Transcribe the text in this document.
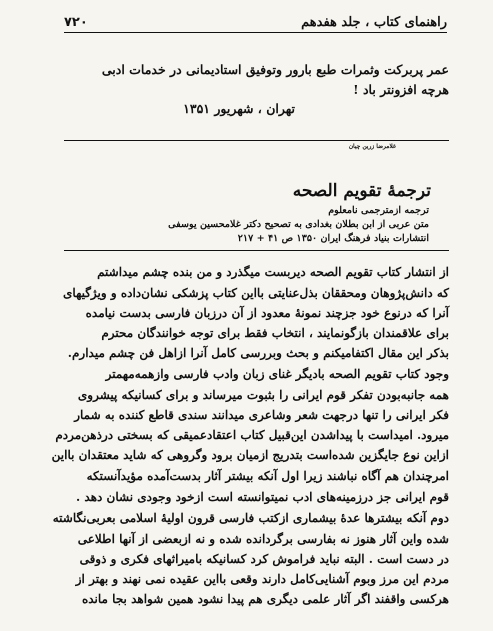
۷۲۰	راهنمای کتاب ، جلد هفدهم
عمر پربرکت وثمرات طبع بارور وتوفیق استادیمانی در خدمات ادبی
هرچه افزونتر باد !
تهران ، شهریور ۱۳۵۱
غلامرضا زرین چیان
ترجمهٔ تقویم الصحه
ترجمه ازمترجمی نامعلوم
متن عربی از ابن بطلان بغدادی به تصحیح دکتر غلامحسین یوسفی
انتشارات بنیاد فرهنگ ایران ۱۳۵۰ ص ۴۱ + ۲۱۷
از انتشار کتاب تقویم الصحه دیربست میگذرد و من بنده چشم میداشتم
که دانش‌پژوهان ومحققان بذل‌عنایتی بااین کتاب پزشکی نشان‌داده و ویژگیهای
آنرا که درنوع خود جزچند نمونهٔ معدود از آن درزبان فارسی بدست نیامده
برای علاقمندان بازگونمایند ، انتخاب فقط برای توجه خوانندگان محترم
بذکر این مقال اکتفامیکنم و بحث وبررسی کامل آنرا ازاهل فن چشم میدارم.
وجود کتاب تقویم الصحه بادیگر غنای زبان وادب فارسی وازهمه‌مهمتر
همه جانبه‌بودن تفکر قوم ایرانی را بثبوت میرساند و برای کسانیکه پیشروی
فکر ایرانی را تنها درجهت شعر وشاعری میدانند سندی قاطع کننده به شمار
میرود. امیداست با پیداشدن این‌قبیل کتاب اعتقادعمیقی که بسختی درذهن‌مردم
ازاین نوع جایگزین شده‌است بتدریج ازمیان برود وگروهی که شاید معتقدان بااین
امرچندان هم آگاه نباشند زیرا اول آنکه بیشتر آثار بدست‌آمده مؤیدآنستکه
قوم ایرانی جز درزمینه‌های ادب نمیتوانسته است ازخود وجودی نشان دهد .
دوم آنکه بیشترها عدهٔ بیشماری ازکتب فارسی قرون اولیهٔ اسلامی بعربی‌نگاشته
شده واین آثار هنوز نه بفارسی برگردانده شده و نه ازبعضی از آنها اطلاعی
در دست است . البته نباید فراموش کرد کسانیکه بامیراثهای فکری و ذوقی
مردم این مرز وبوم آشنایی‌کامل دارند وقعی بااین عقیده نمی نهند و بهتر از
هرکسی واقفند اگر آثار علمی دیگری هم پیدا نشود همین شواهد بجا مانده
